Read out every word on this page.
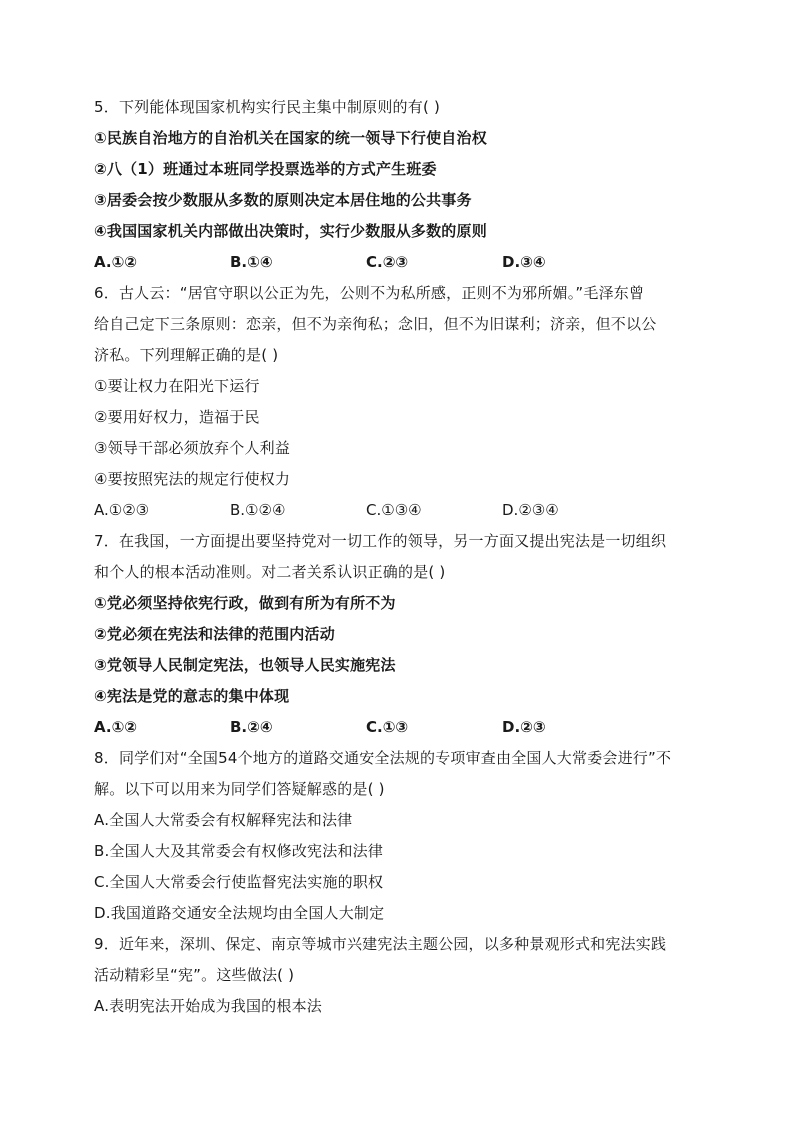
5．下列能体现国家机构实行民主集中制原则的有( )
①民族自治地方的自治机关在国家的统一领导下行使自治权
②八（1）班通过本班同学投票选举的方式产生班委
③居委会按少数服从多数的原则决定本居住地的公共事务
④我国国家机关内部做出决策时，实行少数服从多数的原则
A.①②	B.①④	C.②③	D.③④
6．古人云：“居官守职以公正为先，公则不为私所感，正则不为邪所媚。”毛泽东曾
给自己定下三条原则：恋亲，但不为亲徇私；念旧，但不为旧谋利；济亲，但不以公
济私。下列理解正确的是( )
①要让权力在阳光下运行
②要用好权力，造福于民
③领导干部必须放弃个人利益
④要按照宪法的规定行使权力
A.①②③	B.①②④	C.①③④	D.②③④
7．在我国，一方面提出要坚持党对一切工作的领导，另一方面又提出宪法是一切组织
和个人的根本活动准则。对二者关系认识正确的是( )
①党必须坚持依宪行政，做到有所为有所不为
②党必须在宪法和法律的范围内活动
③党领导人民制定宪法，也领导人民实施宪法
④宪法是党的意志的集中体现
A.①②	B.②④	C.①③	D.②③
8．同学们对“全国54个地方的道路交通安全法规的专项审查由全国人大常委会进行”不
解。以下可以用来为同学们答疑解惑的是( )
A.全国人大常委会有权解释宪法和法律
B.全国人大及其常委会有权修改宪法和法律
C.全国人大常委会行使监督宪法实施的职权
D.我国道路交通安全法规均由全国人大制定
9．近年来，深圳、保定、南京等城市兴建宪法主题公园，以多种景观形式和宪法实践
活动精彩呈“宪”。这些做法( )
A.表明宪法开始成为我国的根本法
